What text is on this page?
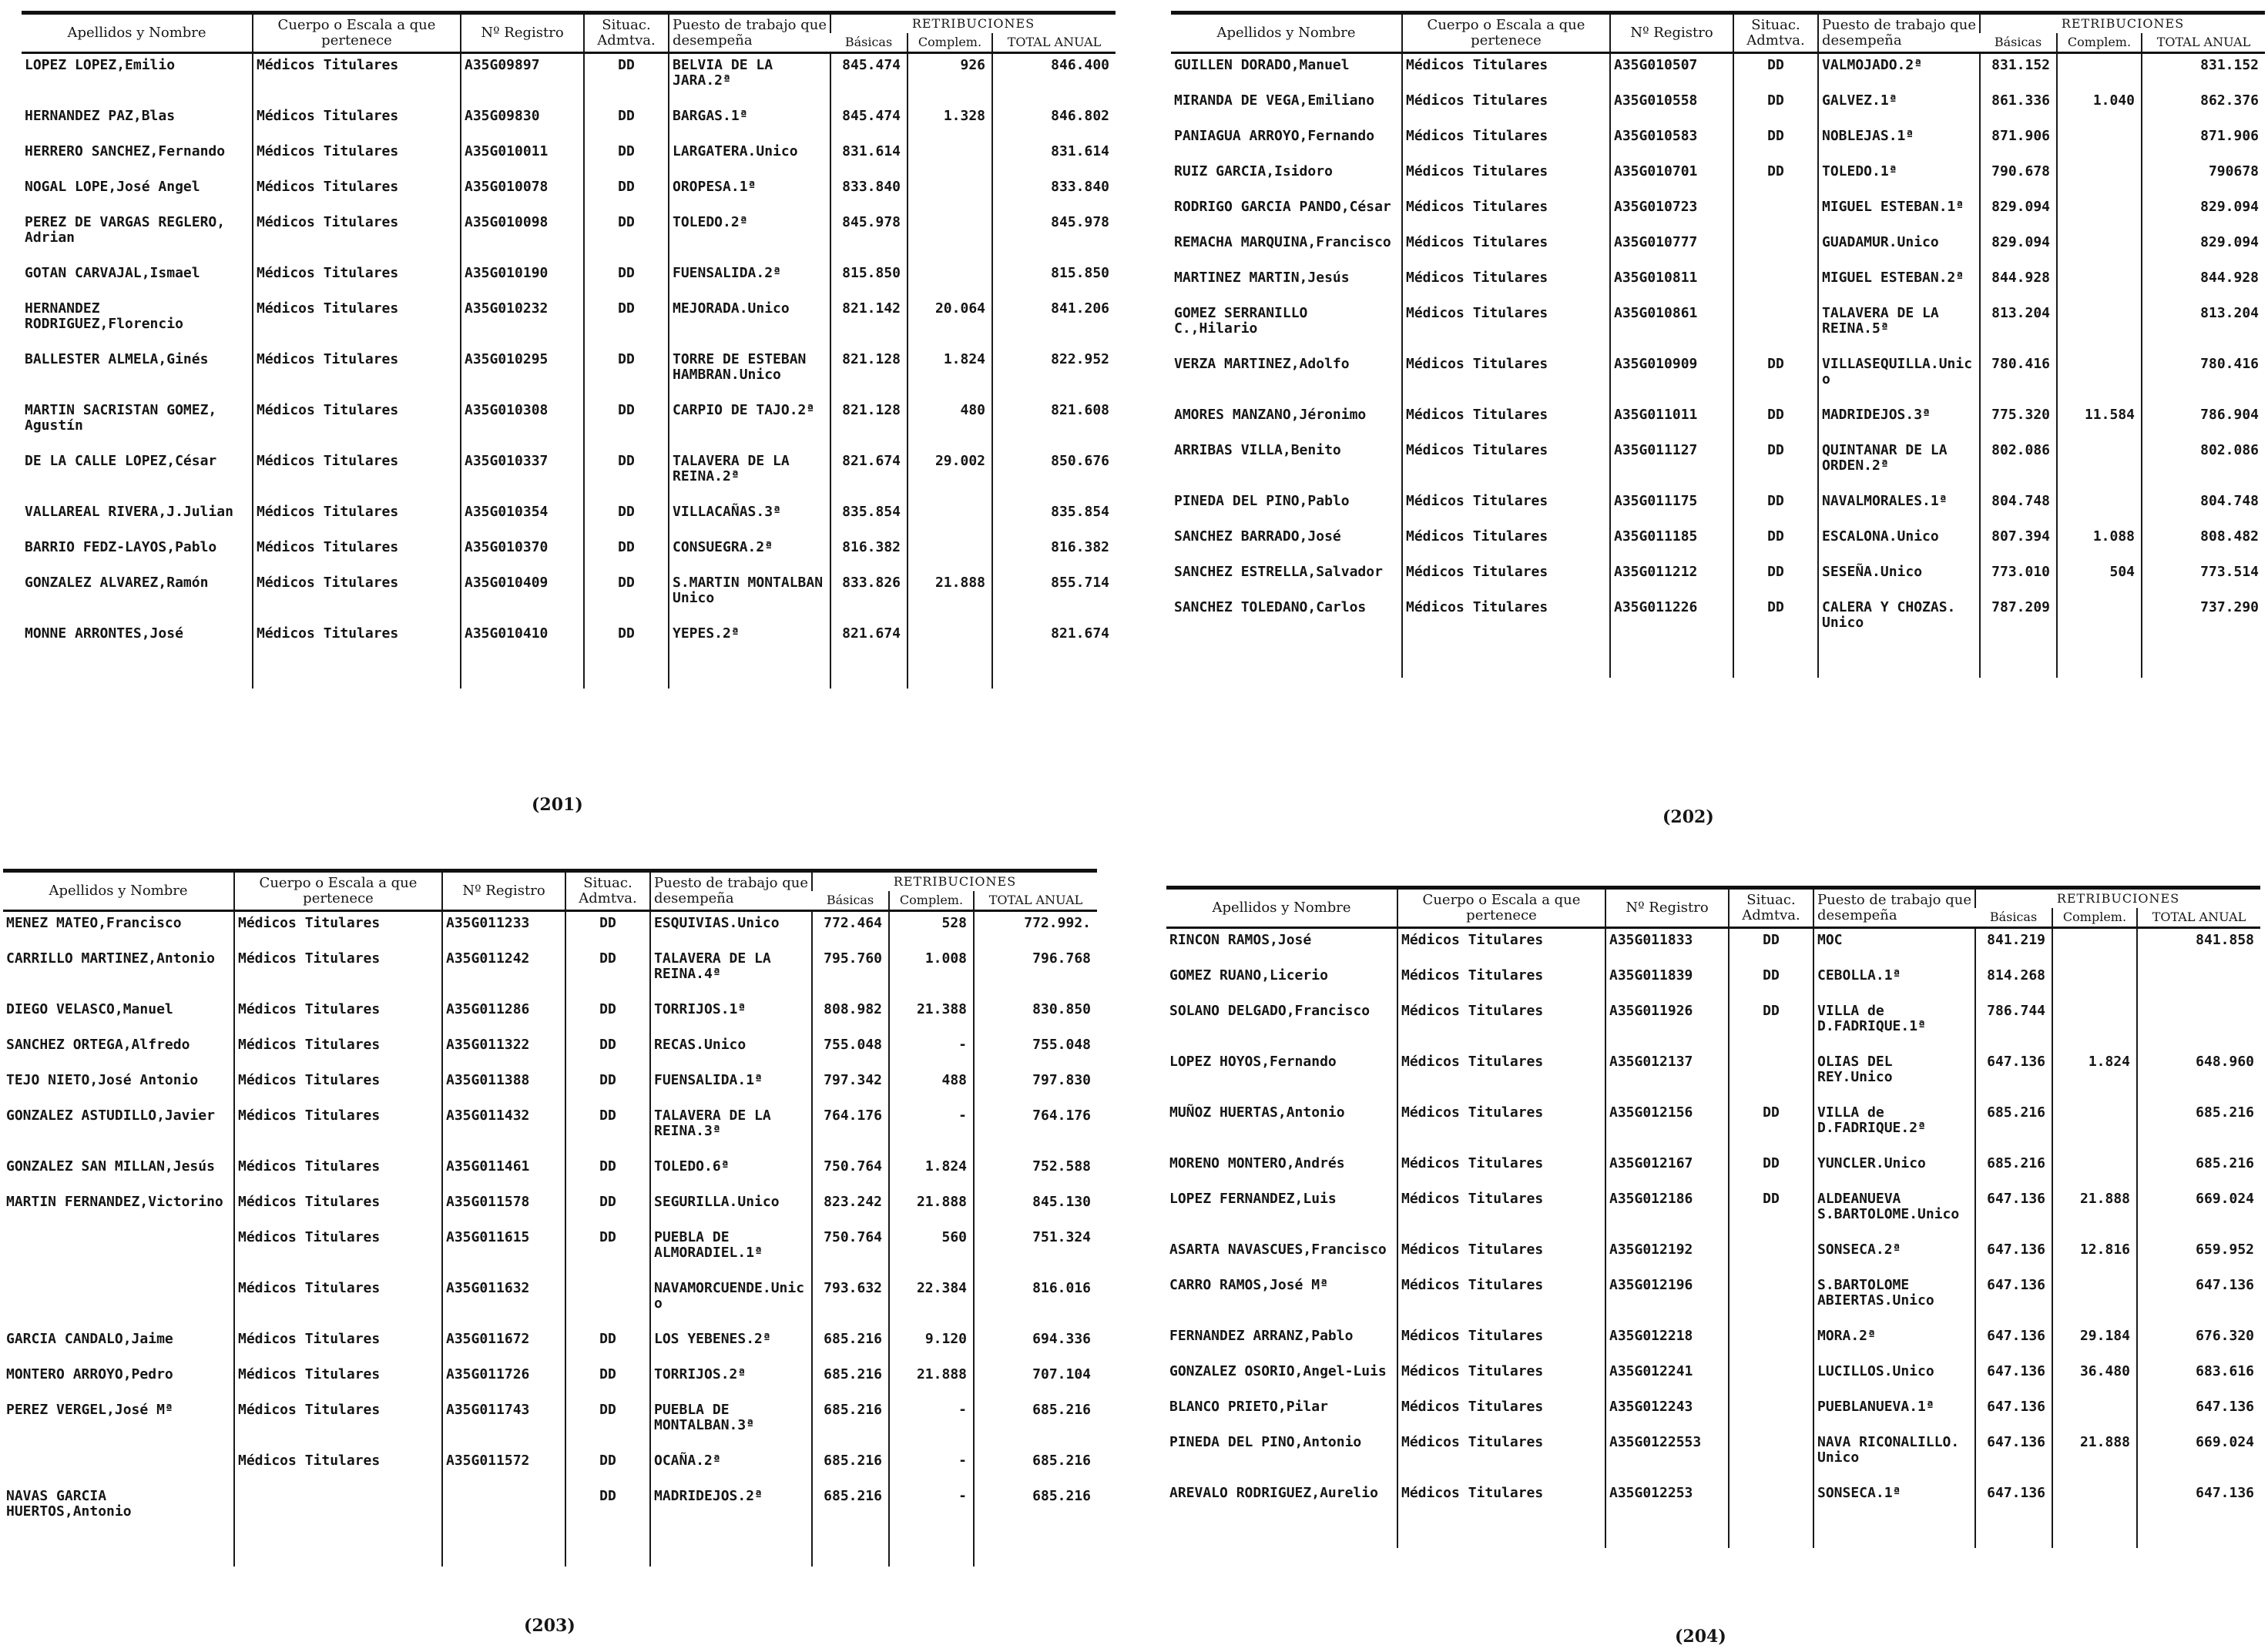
Apellidos y Nombre	Cuerpo o Escala a que pertenece	Nº Registro	Situac. Admtva.	Puesto de trabajo que desempeña	RETRIBUCIONES		
					Básicas	Complem.	TOTAL ANUAL
LOPEZ LOPEZ,Emilio	Médicos Titulares	A35G09897	DD	BELVIA DE LA JARA.2ª	845.474	926	846.400
HERNANDEZ PAZ,Blas	Médicos Titulares	A35G09830	DD	BARGAS.1ª	845.474	1.328	846.802
HERRERO SANCHEZ,Fernando	Médicos Titulares	A35G010011	DD	LARGATERA.Unico	831.614		831.614
NOGAL LOPE,José Angel	Médicos Titulares	A35G010078	DD	OROPESA.1ª	833.840		833.840
PEREZ DE VARGAS REGLERO, Adrian	Médicos Titulares	A35G010098	DD	TOLEDO.2ª	845.978		845.978
GOTAN CARVAJAL,Ismael	Médicos Titulares	A35G010190	DD	FUENSALIDA.2ª	815.850		815.850
HERNANDEZ RODRIGUEZ,Florencio	Médicos Titulares	A35G010232	DD	MEJORADA.Unico	821.142	20.064	841.206
BALLESTER ALMELA,Ginés	Médicos Titulares	A35G010295	DD	TORRE DE ESTEBAN HAMBRAN.Unico	821.128	1.824	822.952
MARTIN SACRISTAN GOMEZ, Agustín	Médicos Titulares	A35G010308	DD	CARPIO DE TAJO.2ª	821.128	480	821.608
DE LA CALLE LOPEZ,César	Médicos Titulares	A35G010337	DD	TALAVERA DE LA REINA.2ª	821.674	29.002	850.676
VALLAREAL RIVERA,J.Julian	Médicos Titulares	A35G010354	DD	VILLACAÑAS.3ª	835.854		835.854
BARRIO FEDZ-LAYOS,Pablo	Médicos Titulares	A35G010370	DD	CONSUEGRA.2ª	816.382		816.382
GONZALEZ ALVAREZ,Ramón	Médicos Titulares	A35G010409	DD	S.MARTIN MONTALBAN Unico	833.826	21.888	855.714
MONNE ARRONTES,José	Médicos Titulares	A35G010410	DD	YEPES.2ª	821.674		821.674

(201)
Apellidos y Nombre	Cuerpo o Escala a que pertenece	Nº Registro	Situac. Admtva.	Puesto de trabajo que desempeña	RETRIBUCIONES		
					Básicas	Complem.	TOTAL ANUAL
GUILLEN DORADO,Manuel	Médicos Titulares	A35G010507	DD	VALMOJADO.2ª	831.152		831.152
MIRANDA DE VEGA,Emiliano	Médicos Titulares	A35G010558	DD	GALVEZ.1ª	861.336	1.040	862.376
PANIAGUA ARROYO,Fernando	Médicos Titulares	A35G010583	DD	NOBLEJAS.1ª	871.906		871.906
RUIZ GARCIA,Isidoro	Médicos Titulares	A35G010701	DD	TOLEDO.1ª	790.678		790678
RODRIGO GARCIA PANDO,César	Médicos Titulares	A35G010723		MIGUEL ESTEBAN.1ª	829.094		829.094
REMACHA MARQUINA,Francisco	Médicos Titulares	A35G010777		GUADAMUR.Unico	829.094		829.094
MARTINEZ MARTIN,Jesús	Médicos Titulares	A35G010811		MIGUEL ESTEBAN.2ª	844.928		844.928
GOMEZ SERRANILLO C.,Hilario	Médicos Titulares	A35G010861		TALAVERA DE LA REINA.5ª	813.204		813.204
VERZA MARTINEZ,Adolfo	Médicos Titulares	A35G010909	DD	VILLASEQUILLA.Unico	780.416		780.416
AMORES MANZANO,Jéronimo	Médicos Titulares	A35G011011	DD	MADRIDEJOS.3ª	775.320	11.584	786.904
ARRIBAS VILLA,Benito	Médicos Titulares	A35G011127	DD	QUINTANAR DE LA ORDEN.2ª	802.086		802.086
PINEDA DEL PINO,Pablo	Médicos Titulares	A35G011175	DD	NAVALMORALES.1ª	804.748		804.748
SANCHEZ BARRADO,José	Médicos Titulares	A35G011185	DD	ESCALONA.Unico	807.394	1.088	808.482
SANCHEZ ESTRELLA,Salvador	Médicos Titulares	A35G011212	DD	SESEÑA.Unico	773.010	504	773.514
SANCHEZ TOLEDANO,Carlos	Médicos Titulares	A35G011226	DD	CALERA Y CHOZAS. Unico	787.209		737.290

(202)
Apellidos y Nombre	Cuerpo o Escala a que pertenece	Nº Registro	Situac. Admtva.	Puesto de trabajo que desempeña	RETRIBUCIONES		
					Básicas	Complem.	TOTAL ANUAL
MENEZ MATEO,Francisco	Médicos Titulares	A35G011233	DD	ESQUIVIAS.Unico	772.464	528	772.992.
CARRILLO MARTINEZ,Antonio	Médicos Titulares	A35G011242	DD	TALAVERA DE LA REINA.4ª	795.760	1.008	796.768
DIEGO VELASCO,Manuel	Médicos Titulares	A35G011286	DD	TORRIJOS.1ª	808.982	21.388	830.850
SANCHEZ ORTEGA,Alfredo	Médicos Titulares	A35G011322	DD	RECAS.Unico	755.048	-	755.048
TEJO NIETO,José Antonio	Médicos Titulares	A35G011388	DD	FUENSALIDA.1ª	797.342	488	797.830
GONZALEZ ASTUDILLO,Javier	Médicos Titulares	A35G011432	DD	TALAVERA DE LA REINA.3ª	764.176	-	764.176
GONZALEZ SAN MILLAN,Jesús	Médicos Titulares	A35G011461	DD	TOLEDO.6ª	750.764	1.824	752.588
MARTIN FERNANDEZ,Victorino	Médicos Titulares	A35G011578	DD	SEGURILLA.Unico	823.242	21.888	845.130
	Médicos Titulares	A35G011615	DD	PUEBLA DE ALMORADIEL.1ª	750.764	560	751.324
	Médicos Titulares	A35G011632		NAVAMORCUENDE.Unico	793.632	22.384	816.016
GARCIA CANDALO,Jaime	Médicos Titulares	A35G011672	DD	LOS YEBENES.2ª	685.216	9.120	694.336
MONTERO ARROYO,Pedro	Médicos Titulares	A35G011726	DD	TORRIJOS.2ª	685.216	21.888	707.104
PEREZ VERGEL,José Mª	Médicos Titulares	A35G011743	DD	PUEBLA DE MONTALBAN.3ª	685.216	-	685.216
	Médicos Titulares	A35G011572	DD	OCAÑA.2ª	685.216	-	685.216
NAVAS GARCIA HUERTOS,Antonio			DD	MADRIDEJOS.2ª	685.216	-	685.216

(203)
Apellidos y Nombre	Cuerpo o Escala a que pertenece	Nº Registro	Situac. Admtva.	Puesto de trabajo que desempeña	RETRIBUCIONES		
					Básicas	Complem.	TOTAL ANUAL
RINCON RAMOS,José	Médicos Titulares	A35G011833	DD	MOC	841.219		841.858
GOMEZ RUANO,Licerio	Médicos Titulares	A35G011839	DD	CEBOLLA.1ª	814.268		
SOLANO DELGADO,Francisco	Médicos Titulares	A35G011926	DD	VILLA de D.FADRIQUE.1ª	786.744		
LOPEZ HOYOS,Fernando	Médicos Titulares	A35G012137		OLIAS DEL REY.Unico	647.136	1.824	648.960
MUÑOZ HUERTAS,Antonio	Médicos Titulares	A35G012156	DD	VILLA de D.FADRIQUE.2ª	685.216		685.216
MORENO MONTERO,Andrés	Médicos Titulares	A35G012167	DD	YUNCLER.Unico	685.216		685.216
LOPEZ FERNANDEZ,Luis	Médicos Titulares	A35G012186	DD	ALDEANUEVA S.BARTOLOME.Unico	647.136	21.888	669.024
ASARTA NAVASCUES,Francisco	Médicos Titulares	A35G012192		SONSECA.2ª	647.136	12.816	659.952
CARRO RAMOS,José Mª	Médicos Titulares	A35G012196		S.BARTOLOME ABIERTAS.Unico	647.136		647.136
FERNANDEZ ARRANZ,Pablo	Médicos Titulares	A35G012218		MORA.2ª	647.136	29.184	676.320
GONZALEZ OSORIO,Angel-Luis	Médicos Titulares	A35G012241		LUCILLOS.Unico	647.136	36.480	683.616
BLANCO PRIETO,Pilar	Médicos Titulares	A35G012243		PUEBLANUEVA.1ª	647.136		647.136
PINEDA DEL PINO,Antonio	Médicos Titulares	A35G0122553		NAVA RICONALILLO. Unico	647.136	21.888	669.024
AREVALO RODRIGUEZ,Aurelio	Médicos Titulares	A35G012253		SONSECA.1ª	647.136		647.136

(204)
